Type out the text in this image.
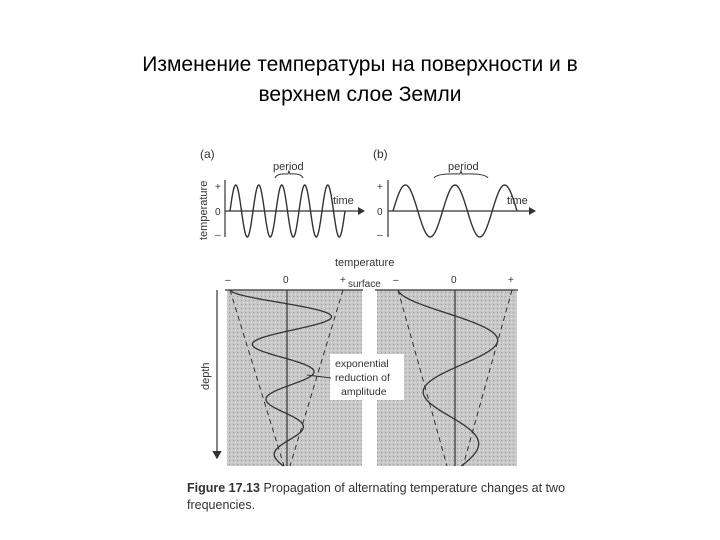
Изменение температуры на поверхности и в
верхнем слое Земли
(a)
temperature +
0
–
time
period
(b)
+
0
–
time
period
temperature
–	0	+ surface –	0	+
depth	exponential
reduction of
amplitude
Figure 17.13 Propagation of alternating temperature changes at two frequencies.
